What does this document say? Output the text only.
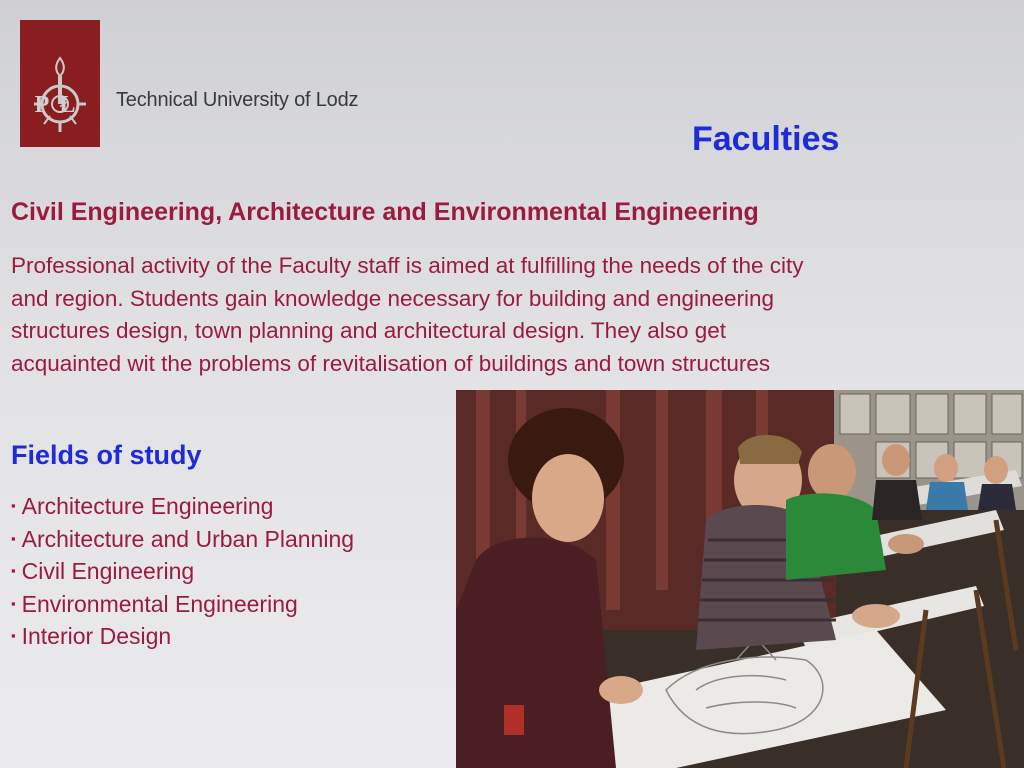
PŁ	Technical University of Lodz
Faculties
Civil Engineering, Architecture and Environmental Engineering

Professional activity of the Faculty staff is aimed at fulfilling the needs of the city

and region. Students gain knowledge necessary for building and engineering

structures design, town planning and architectural design. They also get

acquainted wit the problems of revitalisation of buildings and town structures

Fields of study
▪ Architecture Engineering
▪ Architecture and Urban Planning
▪ Civil Engineering
▪ Environmental Engineering
▪ Interior Design
